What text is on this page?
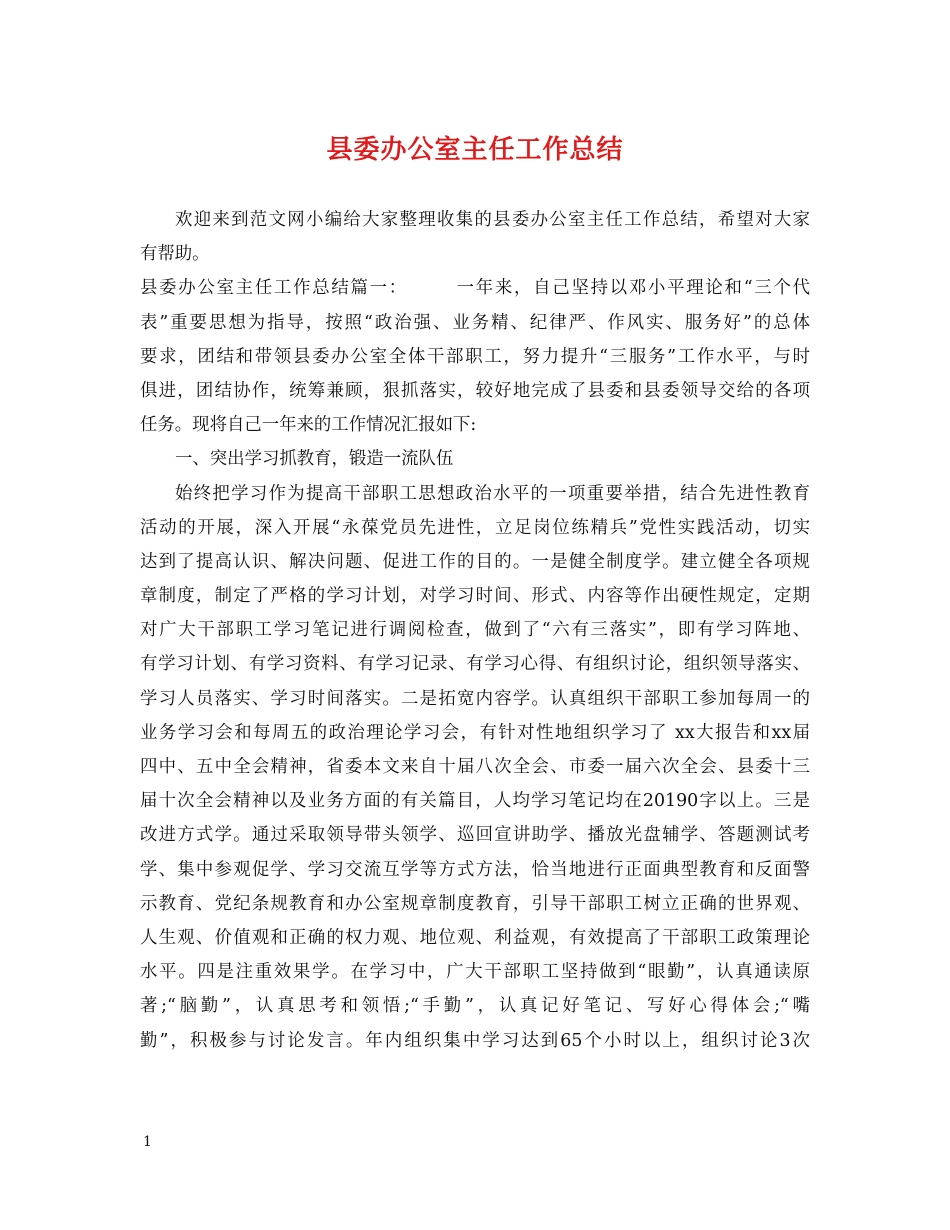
县委办公室主任工作总结
欢迎来到范文网小编给大家整理收集的县委办公室主任工作总结，希望对大家
有帮助。
县委办公室主任工作总结篇一：　　　一年来，自己坚持以邓小平理论和“三个代
表”重要思想为指导，按照“政治强、业务精、纪律严、作风实、服务好”的总体
要求，团结和带领县委办公室全体干部职工，努力提升“三服务”工作水平，与时
俱进，团结协作，统筹兼顾，狠抓落实，较好地完成了县委和县委领导交给的各项
任务。现将自己一年来的工作情况汇报如下:
一、突出学习抓教育，锻造一流队伍
始终把学习作为提高干部职工思想政治水平的一项重要举措，结合先进性教育
活动的开展，深入开展“永葆党员先进性，立足岗位练精兵”党性实践活动，切实
达到了提高认识、解决问题、促进工作的目的。一是健全制度学。建立健全各项规
章制度，制定了严格的学习计划，对学习时间、形式、内容等作出硬性规定，定期
对广大干部职工学习笔记进行调阅检查，做到了“六有三落实”，即有学习阵地、
有学习计划、有学习资料、有学习记录、有学习心得、有组织讨论，组织领导落实、
学习人员落实、学习时间落实。二是拓宽内容学。认真组织干部职工参加每周一的
业务学习会和每周五的政治理论学习会，有针对性地组织学习了 xx大报告和xx届
四中、五中全会精神，省委本文来自十届八次全会、市委一届六次全会、县委十三
届十次全会精神以及业务方面的有关篇目，人均学习笔记均在20190字以上。三是
改进方式学。通过采取领导带头领学、巡回宣讲助学、播放光盘辅学、答题测试考
学、集中参观促学、学习交流互学等方式方法，恰当地进行正面典型教育和反面警
示教育、党纪条规教育和办公室规章制度教育，引导干部职工树立正确的世界观、
人生观、价值观和正确的权力观、地位观、利益观，有效提高了干部职工政策理论
水平。四是注重效果学。在学习中，广大干部职工坚持做到“眼勤”，认真通读原
著;“脑勤”，认真思考和领悟;“手勤”，认真记好笔记、写好心得体会;“嘴
勤”，积极参与讨论发言。年内组织集中学习达到65个小时以上，组织讨论3次
1
